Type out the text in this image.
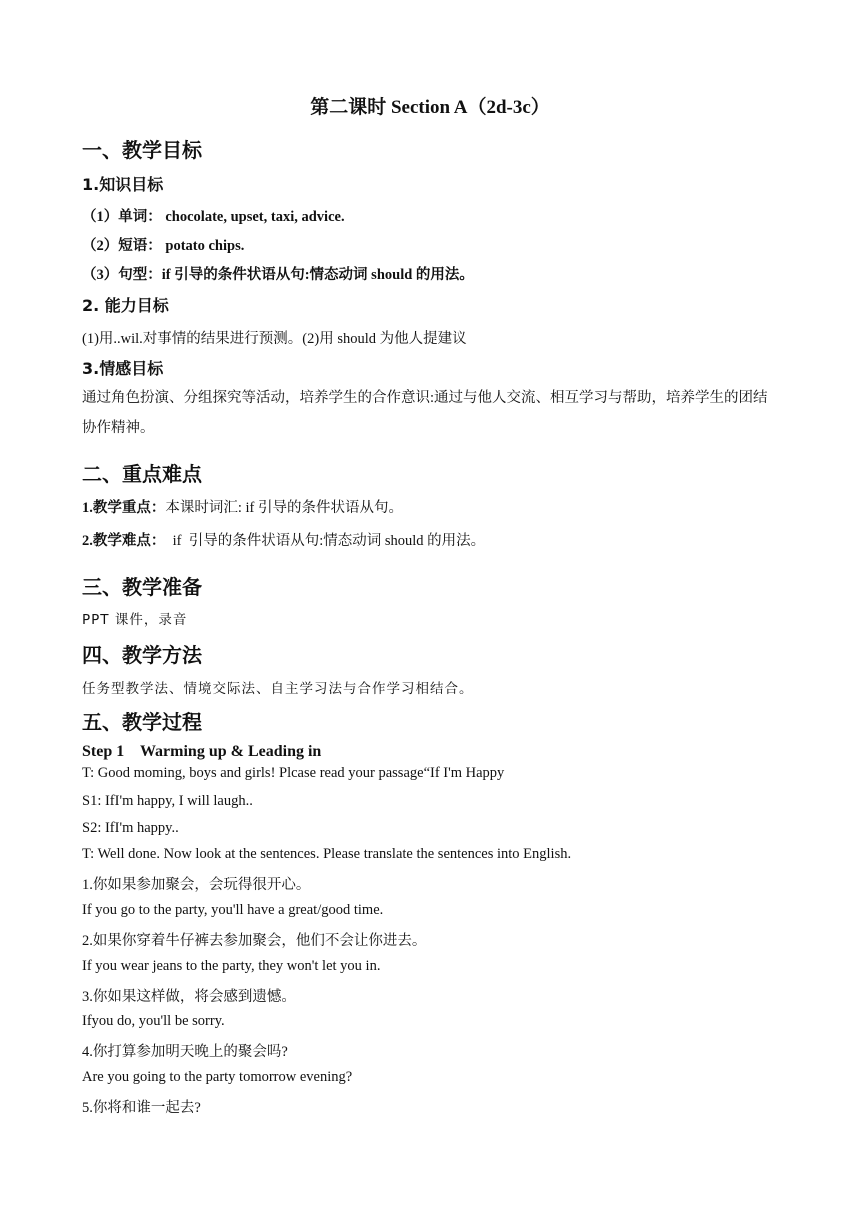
第二课时 Section A（2d-3c）
一、教学目标
1.知识目标
（1）单词： chocolate, upset, taxi, advice.
（2）短语： potato chips.
（3）句型：if 引导的条件状语从句:情态动词 should 的用法。
2. 能力目标
(1)用..wil.对事情的结果进行预测。(2)用 should 为他人提建议
3.情感目标
通过角色扮演、分组探究等活动，培养学生的合作意识:通过与他人交流、相互学习与帮助，培养学生的团结协作精神。
二、重点难点
1.教学重点：本课时词汇: if 引导的条件状语从句。
2.教学难点：  if  引导的条件状语从句:情态动词 should 的用法。
三、教学准备
PPT 课件，录音
四、教学方法
任务型教学法、情境交际法、自主学习法与合作学习相结合。
五、教学过程
Step 1    Warming up & Leading in
T: Good moming, boys and girls! Plcase read your passage“If I'm Happy
S1: IfI'm happy, I will laugh..
S2: IfI'm happy..
T: Well done. Now look at the sentences. Please translate the sentences into English.
1.你如果参加聚会，会玩得很开心。
If you go to the party, you'll have a great/good time.
2.如果你穿着牛仔裤去参加聚会，他们不会让你进去。
If you wear jeans to the party, they won't let you in.
3.你如果这样做，将会感到遗憾。
Ifyou do, you'll be sorry.
4.你打算参加明天晚上的聚会吗?
Are you going to the party tomorrow evening?
5.你将和谁一起去?
